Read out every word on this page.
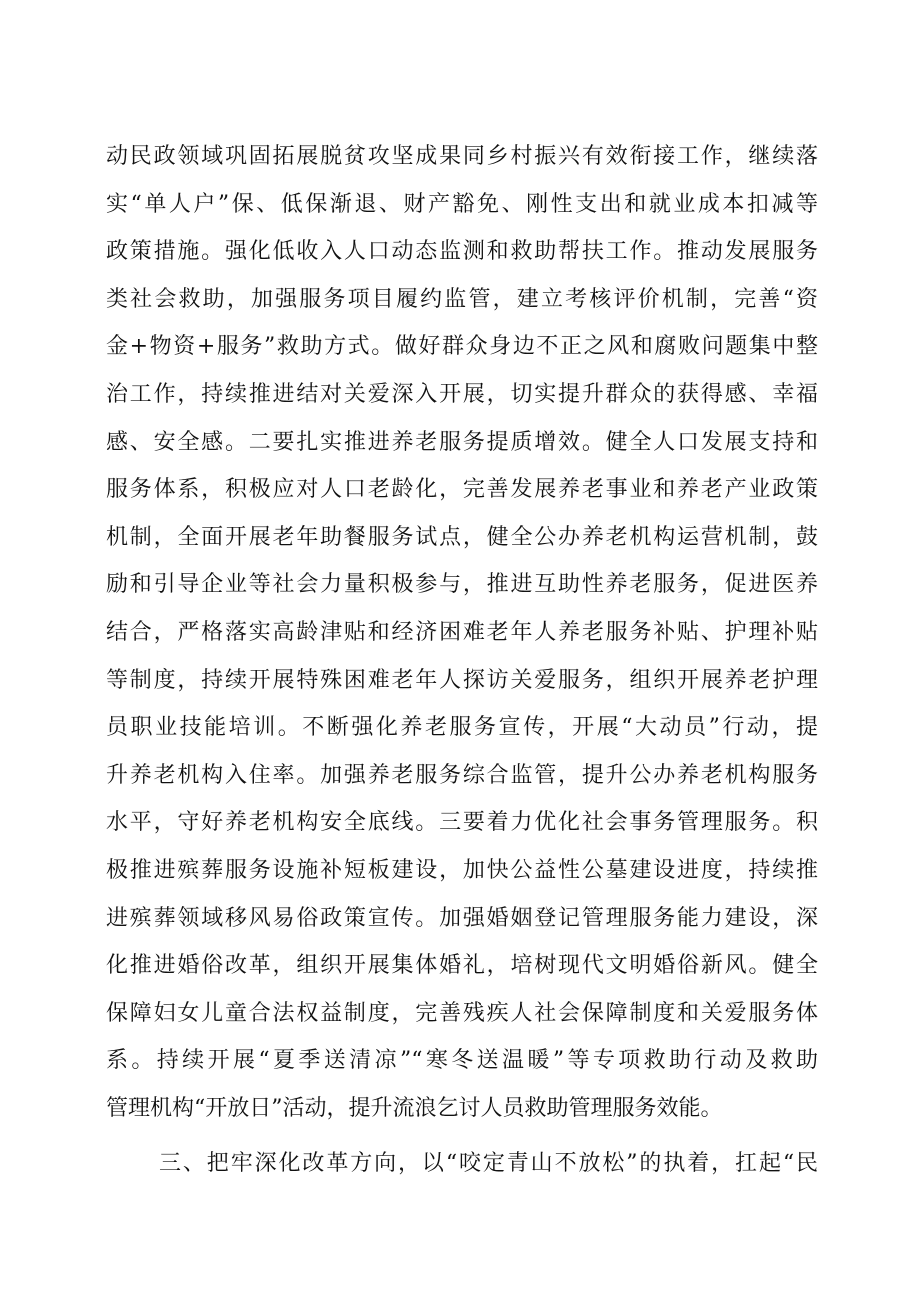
动民政领域巩固拓展脱贫攻坚成果同乡村振兴有效衔接工作，继续落
实“单人户”保、低保渐退、财产豁免、刚性支出和就业成本扣减等
政策措施。强化低收入人口动态监测和救助帮扶工作。推动发展服务
类社会救助，加强服务项目履约监管，建立考核评价机制，完善“资
金+物资+服务”救助方式。做好群众身边不正之风和腐败问题集中整
治工作，持续推进结对关爱深入开展，切实提升群众的获得感、幸福
感、安全感。二要扎实推进养老服务提质增效。健全人口发展支持和
服务体系，积极应对人口老龄化，完善发展养老事业和养老产业政策
机制，全面开展老年助餐服务试点，健全公办养老机构运营机制，鼓
励和引导企业等社会力量积极参与，推进互助性养老服务，促进医养
结合，严格落实高龄津贴和经济困难老年人养老服务补贴、护理补贴
等制度，持续开展特殊困难老年人探访关爱服务，组织开展养老护理
员职业技能培训。不断强化养老服务宣传，开展“大动员”行动，提
升养老机构入住率。加强养老服务综合监管，提升公办养老机构服务
水平，守好养老机构安全底线。三要着力优化社会事务管理服务。积
极推进殡葬服务设施补短板建设，加快公益性公墓建设进度，持续推
进殡葬领域移风易俗政策宣传。加强婚姻登记管理服务能力建设，深
化推进婚俗改革，组织开展集体婚礼，培树现代文明婚俗新风。健全
保障妇女儿童合法权益制度，完善残疾人社会保障制度和关爱服务体
系。持续开展“夏季送清凉”“寒冬送温暖”等专项救助行动及救助
管理机构“开放日”活动，提升流浪乞讨人员救助管理服务效能。
三、把牢深化改革方向，以“咬定青山不放松”的执着，扛起“民
